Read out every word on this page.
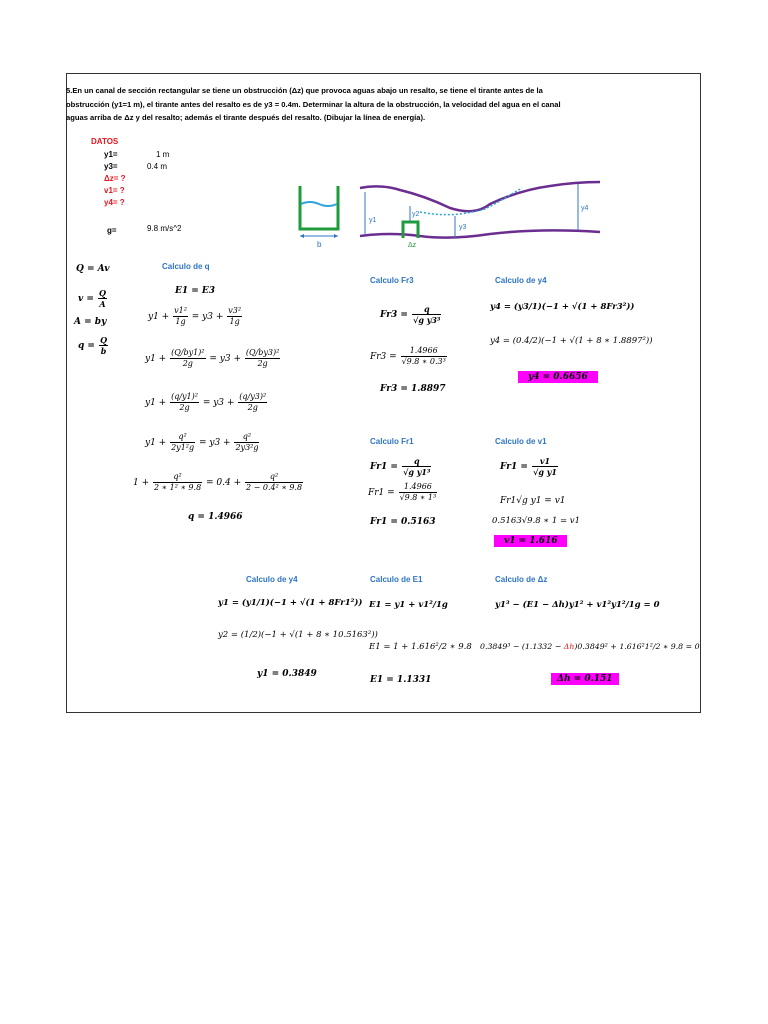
5.En un canal de sección rectangular se tiene un obstrucción (Δz) que provoca aguas abajo un resalto, se tiene el tirante antes de la
obstrucción (y1=1 m), el tirante antes del resalto es de y3 = 0.4m. Determinar la altura de la obstrucción, la velocidad del agua en el canal
aguas arriba de Δz y del resalto; además el tirante después del resalto. (Dibujar la línea de energía).
DATOS
y1=	1 m
y3=	0.4 m
Δz= ?
v1= ?
y4= ?
g=	9.8 m/s^2
b	Δz
y1
y2
y3
y4
Q = Av
$v = \frac{Q}{A}$
A = by
$q = \frac{Q}{b}$
Calculo de q
E1 = E3
$y1 + \frac{\text{v1²}}{1g} = y3 + \frac{\text{v3²}}{1g}$
$y1 + \frac{\text{(Q/by1)²}}{2g} = y3 + \frac{\text{(Q/by3)²}}{2g}$
$y1 + \frac{\text{(q/y1)²}}{2g} = y3 + \frac{\text{(q/y3)²}}{2g}$
$y1 + \frac{\text{q²}}{\text{2y1²g}} = y3 + \frac{\text{q²}}{\text{2y3²g}}$
$1 + \frac{\text{q²}}{\text{2 ∗ 1² ∗ 9.8}} = 0.4 + \frac{\text{q²}}{\text{2 − 0.4² ∗ 9.8}}$
q = 1.4966
Calculo Fr3
$Fr3 = \frac{q}{\text{√g y3³}}$
$Fr3 = \frac{1.4966}{\text{√9.8 ∗ 0.3³}}$
Fr3 = 1.8897
Calculo de y4
y4 = (y3/1)(−1 + √(1 + 8Fr3²))
y4 = (0.4/2)(−1 + √(1 + 8 ∗ 1.8897²))
y4 = 0.6656
Calculo Fr1
$Fr1 = \frac{q}{\text{√g y1³}}$
$Fr1 = \frac{1.4966}{\text{√9.8 ∗ 1³}}$
Fr1 = 0.5163
Calculo de v1
$Fr1 = \frac{v1}{\text{√g y1}}$
Fr1√g y1 = v1
0.5163√9.8 ∗ 1 = v1
v1 = 1.616
Calculo de y4
y1 = (y1/1)(−1 + √(1 + 8Fr1²))
y2 = (1/2)(−1 + √(1 + 8 ∗ 10.5163²))
y1 = 0.3849
Calculo de E1
E1 = y1 + v1²/1g
E1 = 1 + 1.616²/2 ∗ 9.8
E1 = 1.1331
Calculo de Δz
y1³ − (E1 − Δh)y1² + v1²y1²/1g = 0
0.3849³ − (1.1332 − Δh)0.3849² + 1.616²1²/2 ∗ 9.8 = 0
Δh = 0.151
